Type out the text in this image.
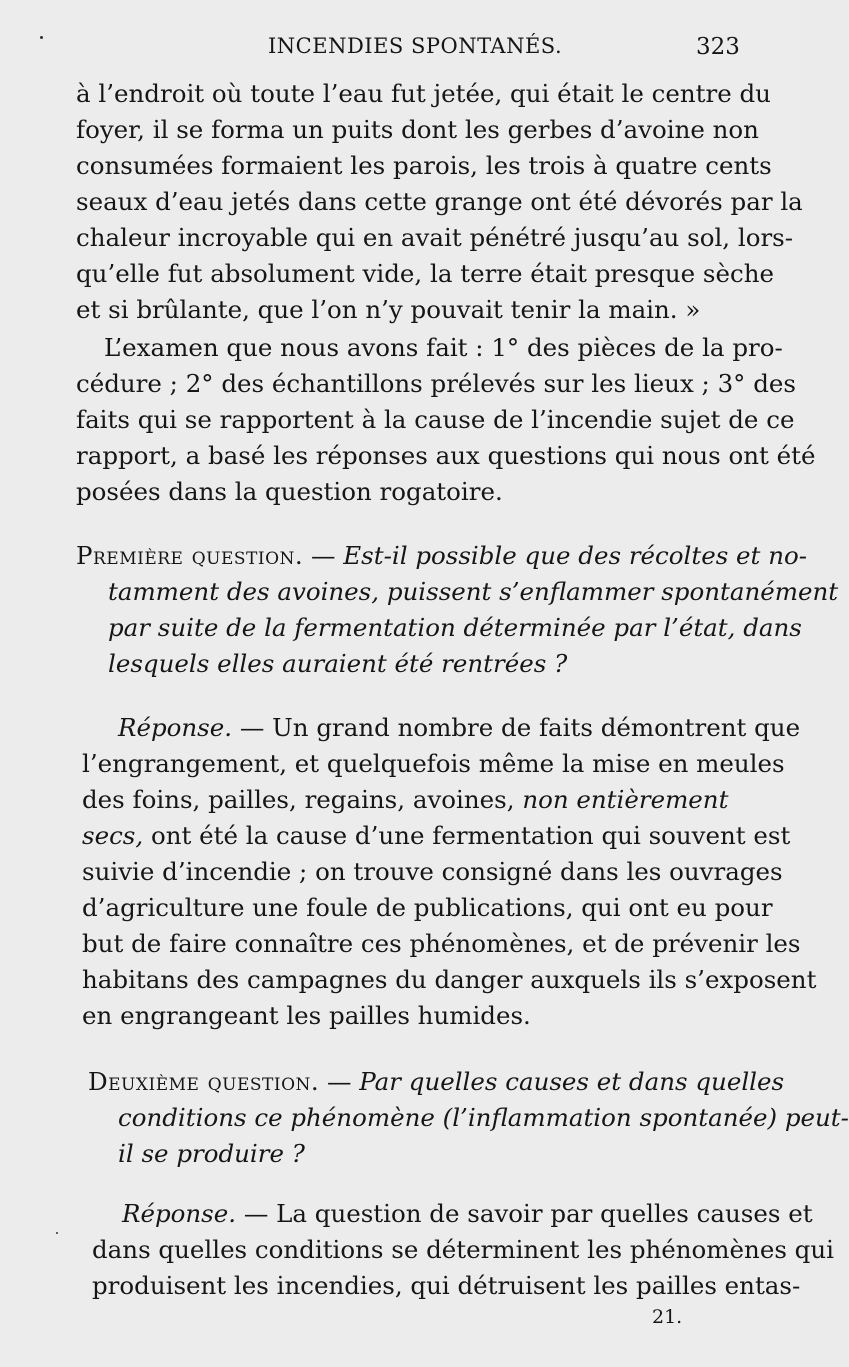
INCENDIES SPONTANÉS.	323
à l’endroit où toute l’eau fut jetée, qui était le centre du
foyer, il se forma un puits dont les gerbes d’avoine non
consumées formaient les parois, les trois à quatre cents
seaux d’eau jetés dans cette grange ont été dévorés par la
chaleur incroyable qui en avait pénétré jusqu’au sol, lors-
qu’elle fut absolument vide, la terre était presque sèche
et si brûlante, que l’on n’y pouvait tenir la main. »
L’examen que nous avons fait : 1° des pièces de la pro-
cédure ; 2° des échantillons prélevés sur les lieux ; 3° des
faits qui se rapportent à la cause de l’incendie sujet de ce
rapport, a basé les réponses aux questions qui nous ont été
posées dans la question rogatoire.
Première question. — Est-il possible que des récoltes et no-
tamment des avoines, puissent s’enflammer spontanément
par suite de la fermentation déterminée par l’état, dans
lesquels elles auraient été rentrées ?
Réponse. — Un grand nombre de faits démontrent que
l’engrangement, et quelquefois même la mise en meules
des foins, pailles, regains, avoines, non entièrement
secs, ont été la cause d’une fermentation qui souvent est
suivie d’incendie ; on trouve consigné dans les ouvrages
d’agriculture une foule de publications, qui ont eu pour
but de faire connaître ces phénomènes, et de prévenir les
habitans des campagnes du danger auxquels ils s’exposent
en engrangeant les pailles humides.
Deuxième question. — Par quelles causes et dans quelles
conditions ce phénomène (l’inflammation spontanée) peut-
il se produire ?
Réponse. — La question de savoir par quelles causes et
dans quelles conditions se déterminent les phénomènes qui
produisent les incendies, qui détruisent les pailles entas-
21.
